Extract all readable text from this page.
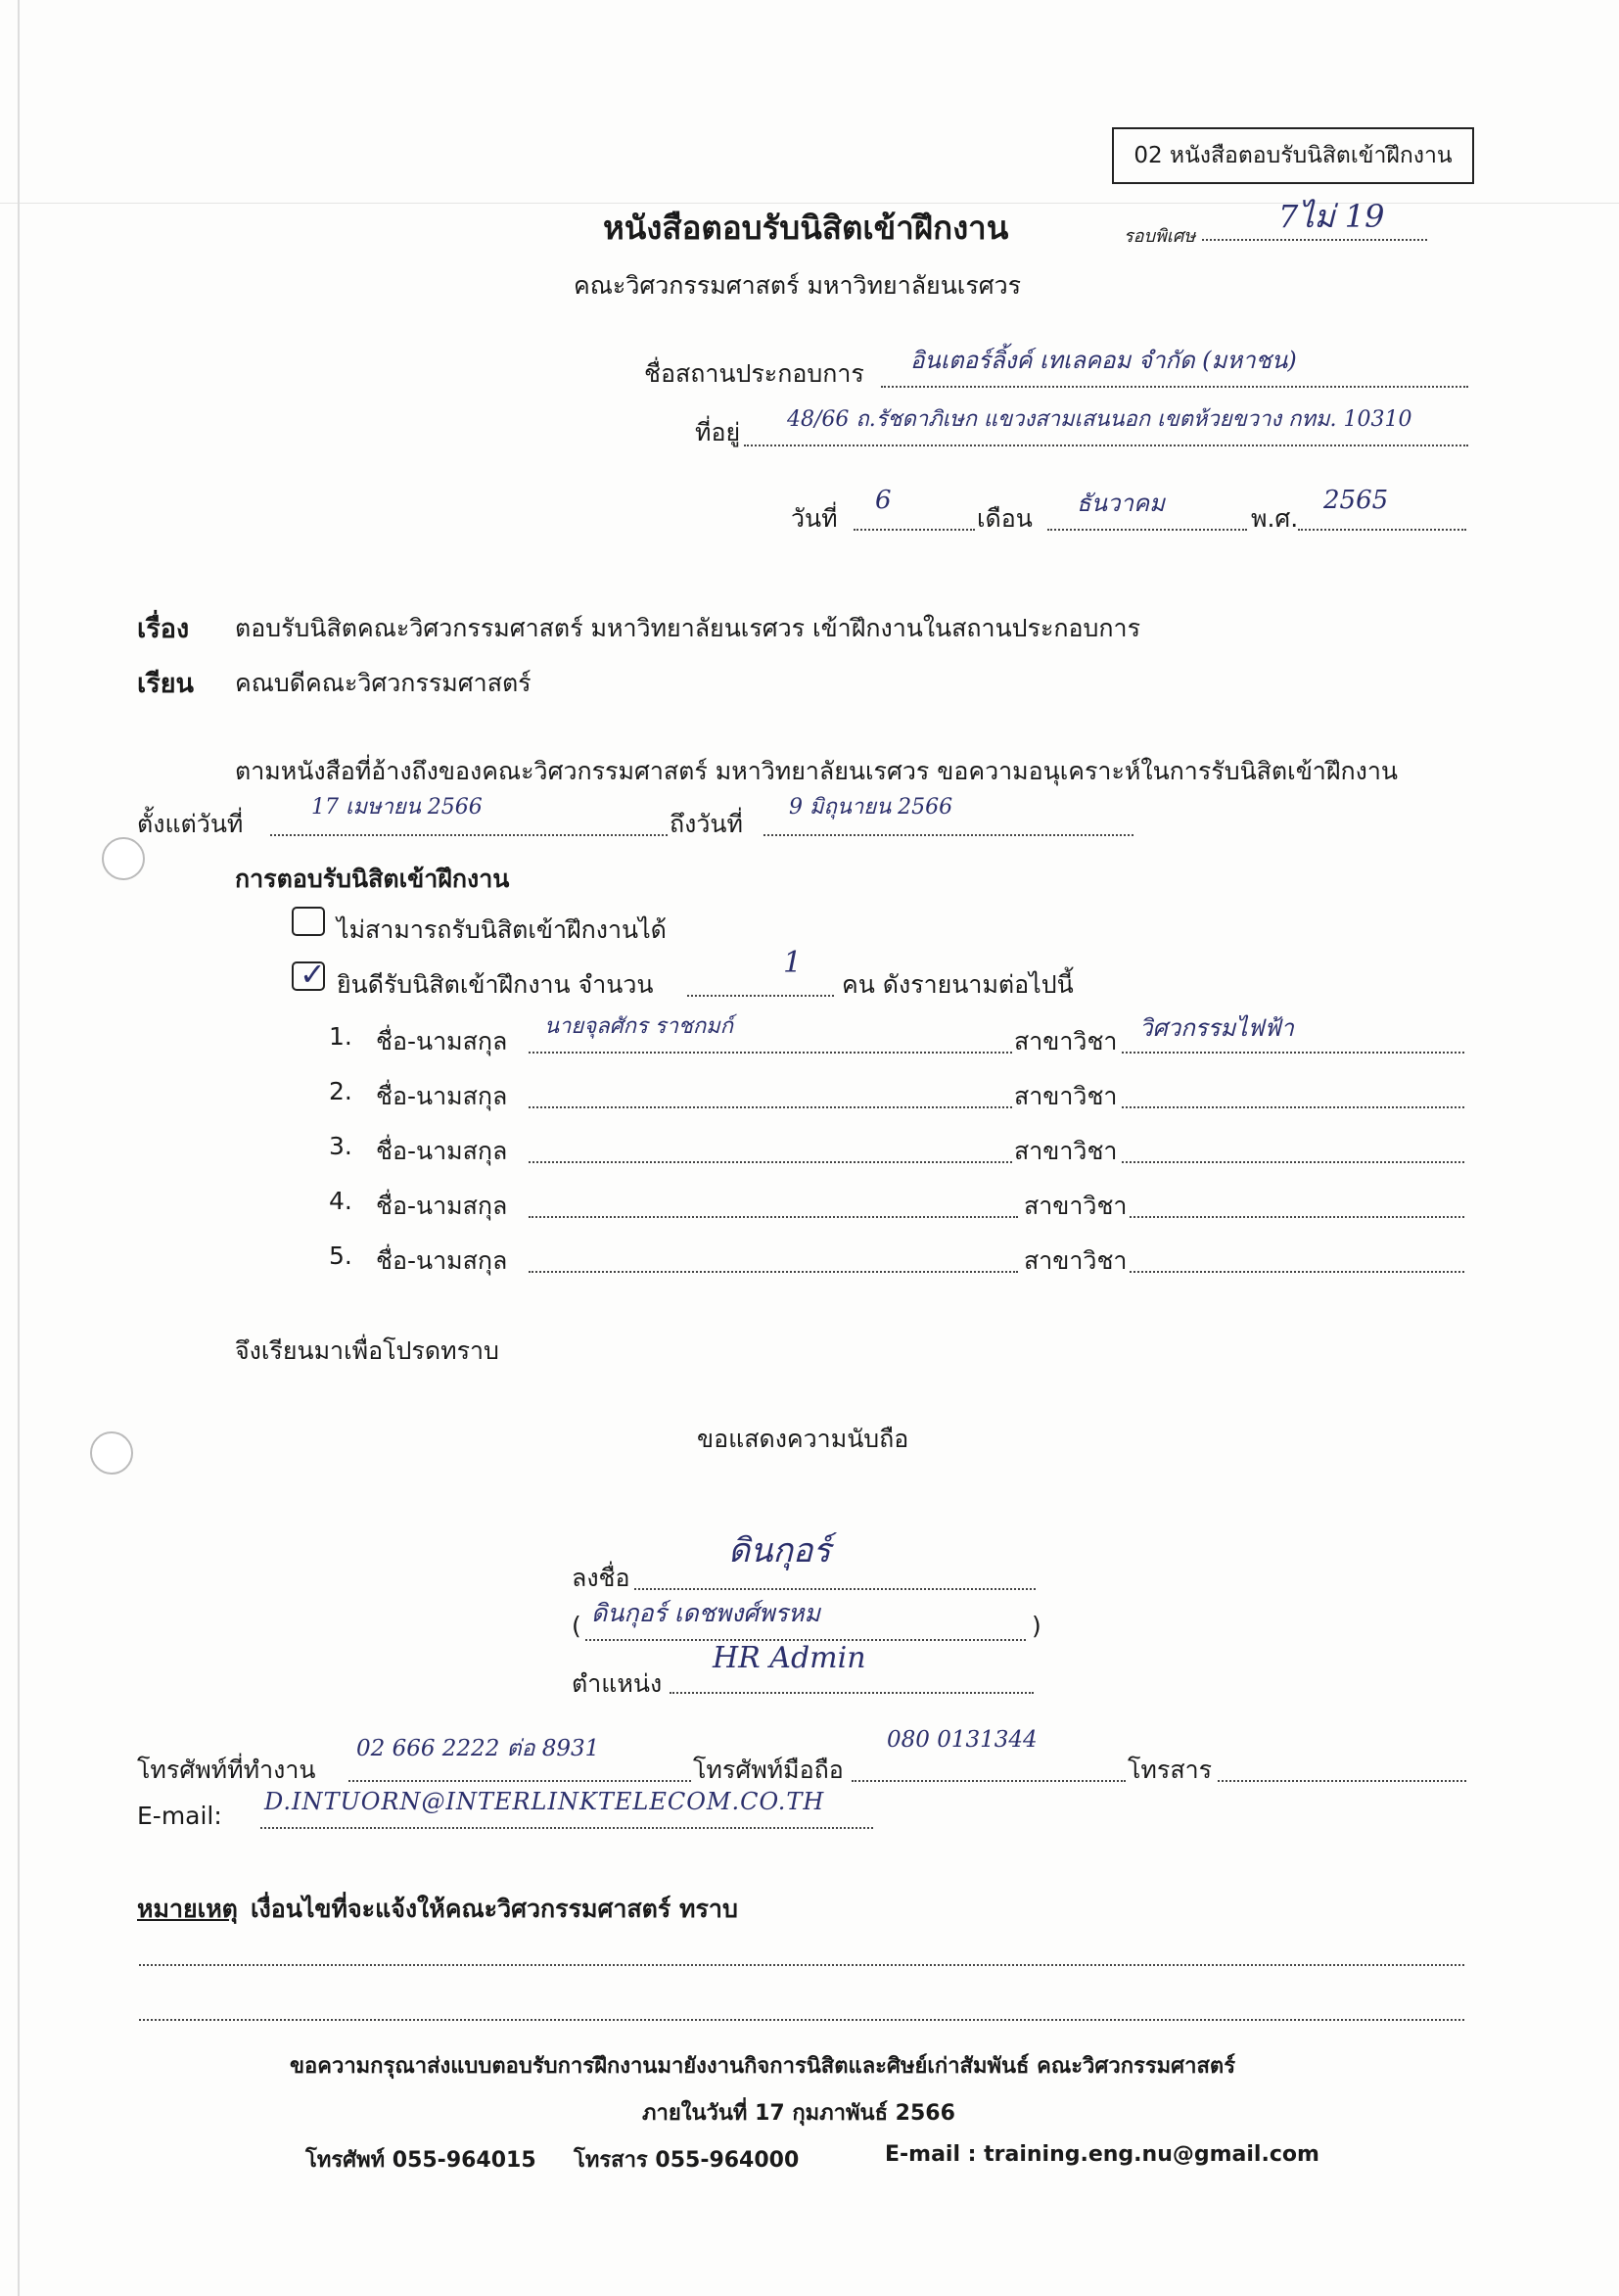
02 หนังสือตอบรับนิสิตเข้าฝึกงาน
หนังสือตอบรับนิสิตเข้าฝึกงาน	รอบพิเศษ
7ไม่ 19
คณะวิศวกรรมศาสตร์ มหาวิทยาลัยนเรศวร
ชื่อสถานประกอบการ อินเตอร์ลิ้งค์ เทเลคอม จำกัด (มหาชน)
ที่อยู่ 48/66 ถ.รัชดาภิเษก แขวงสามเสนนอก เขตห้วยขวาง กทม. 10310
วันที่
6
เดือน
ธันวาคม
พ.ศ.
2565
เรื่อง ตอบรับนิสิตคณะวิศวกรรมศาสตร์ มหาวิทยาลัยนเรศวร เข้าฝึกงานในสถานประกอบการ
เรียน คณบดีคณะวิศวกรรมศาสตร์
ตามหนังสือที่อ้างถึงของคณะวิศวกรรมศาสตร์ มหาวิทยาลัยนเรศวร ขอความอนุเคราะห์ในการรับนิสิตเข้าฝึกงาน
ตั้งแต่วันที่
17 เมษายน 2566
ถึงวันที่
9 มิถุนายน 2566
การตอบรับนิสิตเข้าฝึกงาน
ไม่สามารถรับนิสิตเข้าฝึกงานได้
✓ ยินดีรับนิสิตเข้าฝึกงาน จำนวน
1
คน ดังรายนามต่อไปนี้
1. ชื่อ-นามสกุล
นายจุลศักร ราชกมก์
สาขาวิชา วิศวกรรมไฟฟ้า
2. ชื่อ-นามสกุล	สาขาวิชา
3. ชื่อ-นามสกุล	สาขาวิชา
4. ชื่อ-นามสกุล	สาขาวิชา
5. ชื่อ-นามสกุล	สาขาวิชา
จึงเรียนมาเพื่อโปรดทราบ
ขอแสดงความนับถือ
ลงชื่อ
ดินกุอร์
( ดินกุอร์ เดชพงศ์พรหม	)
ตำแหน่ง
HR Admin
โทรศัพท์ที่ทำงาน
02 666 2222 ต่อ 8931
โทรศัพท์มือถือ
080 0131344
โทรสาร
E-mail: D.INTUORN@INTERLINKTELECOM.CO.TH
หมายเหตุ เงื่อนไขที่จะแจ้งให้คณะวิศวกรรมศาสตร์ ทราบ
ขอความกรุณาส่งแบบตอบรับการฝึกงานมายังงานกิจการนิสิตและศิษย์เก่าสัมพันธ์ คณะวิศวกรรมศาสตร์
ภายในวันที่ 17 กุมภาพันธ์ 2566
โทรศัพท์ 055-964015 โทรสาร 055-964000	E-mail : training.eng.nu@gmail.com
